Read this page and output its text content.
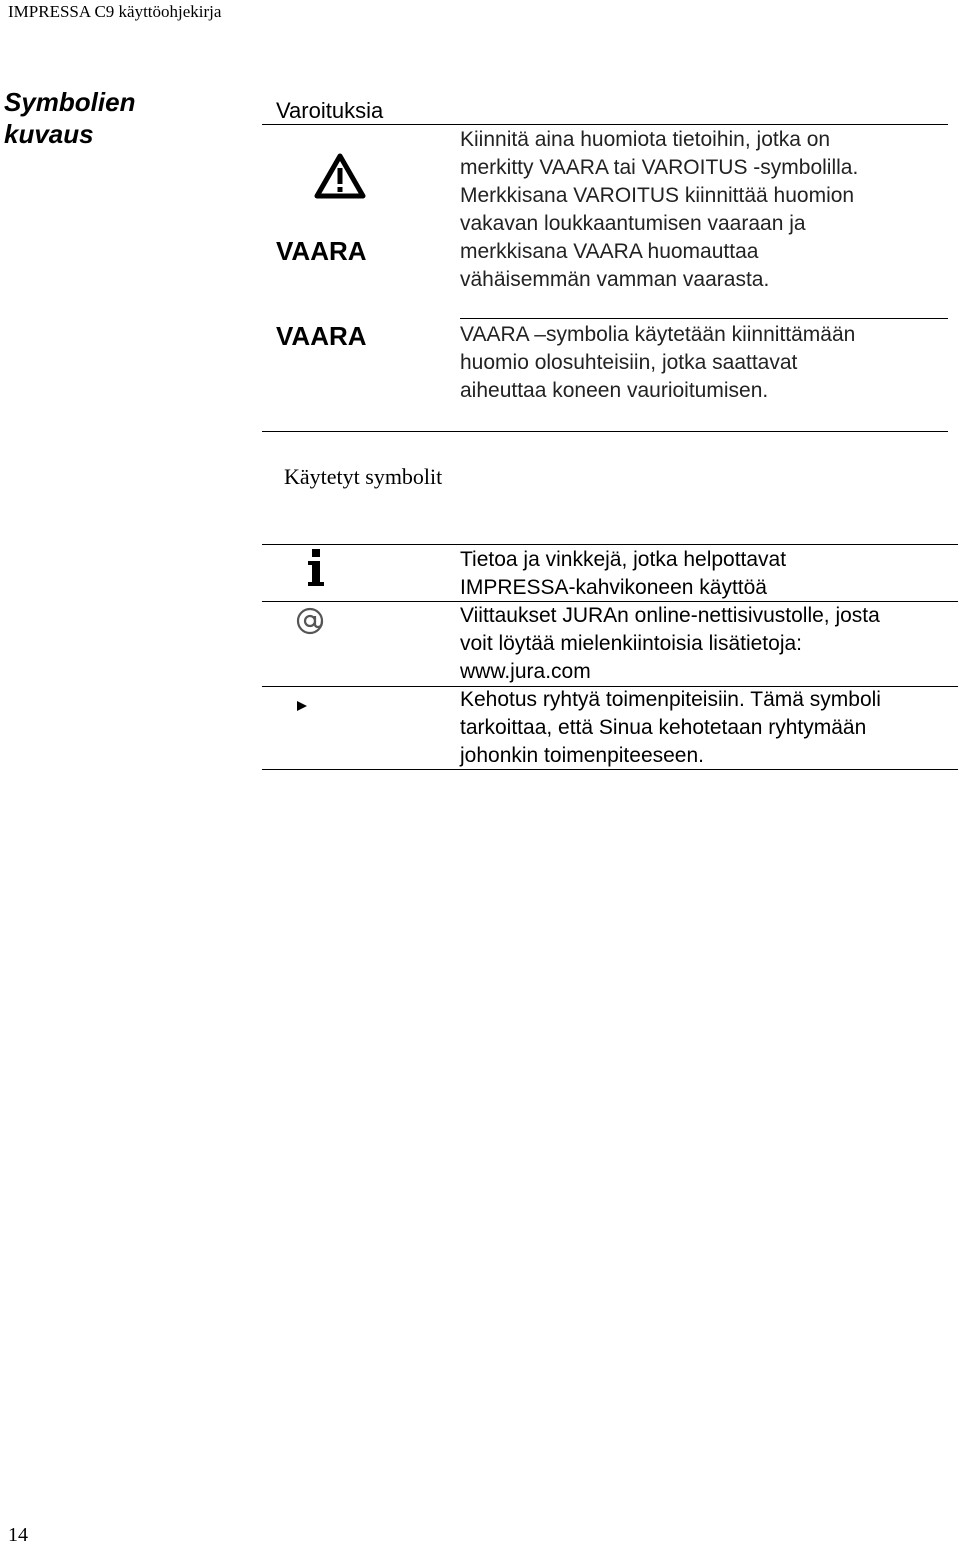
IMPRESSA C9 käyttöohjekirja
Symbolien
kuvaus
Varoituksia
VAARA
Kiinnitä aina huomiota tietoihin, jotka on
merkitty VAARA tai VAROITUS -symbolilla.
Merkkisana VAROITUS kiinnittää huomion
vakavan loukkaantumisen vaaraan ja
merkkisana VAARA huomauttaa
vähäisemmän vamman vaarasta.
VAARA	VAARA –symbolia käytetään kiinnittämään
huomio olosuhteisiin, jotka saattavat
aiheuttaa koneen vaurioitumisen.
Käytetyt symbolit
Tietoa ja vinkkejä, jotka helpottavat
IMPRESSA-kahvikoneen käyttöä
Viittaukset JURAn online-nettisivustolle, josta
voit löytää mielenkiintoisia lisätietoja:
www.jura.com
Kehotus ryhtyä toimenpiteisiin. Tämä symboli
tarkoittaa, että Sinua kehotetaan ryhtymään
johonkin toimenpiteeseen.
14
